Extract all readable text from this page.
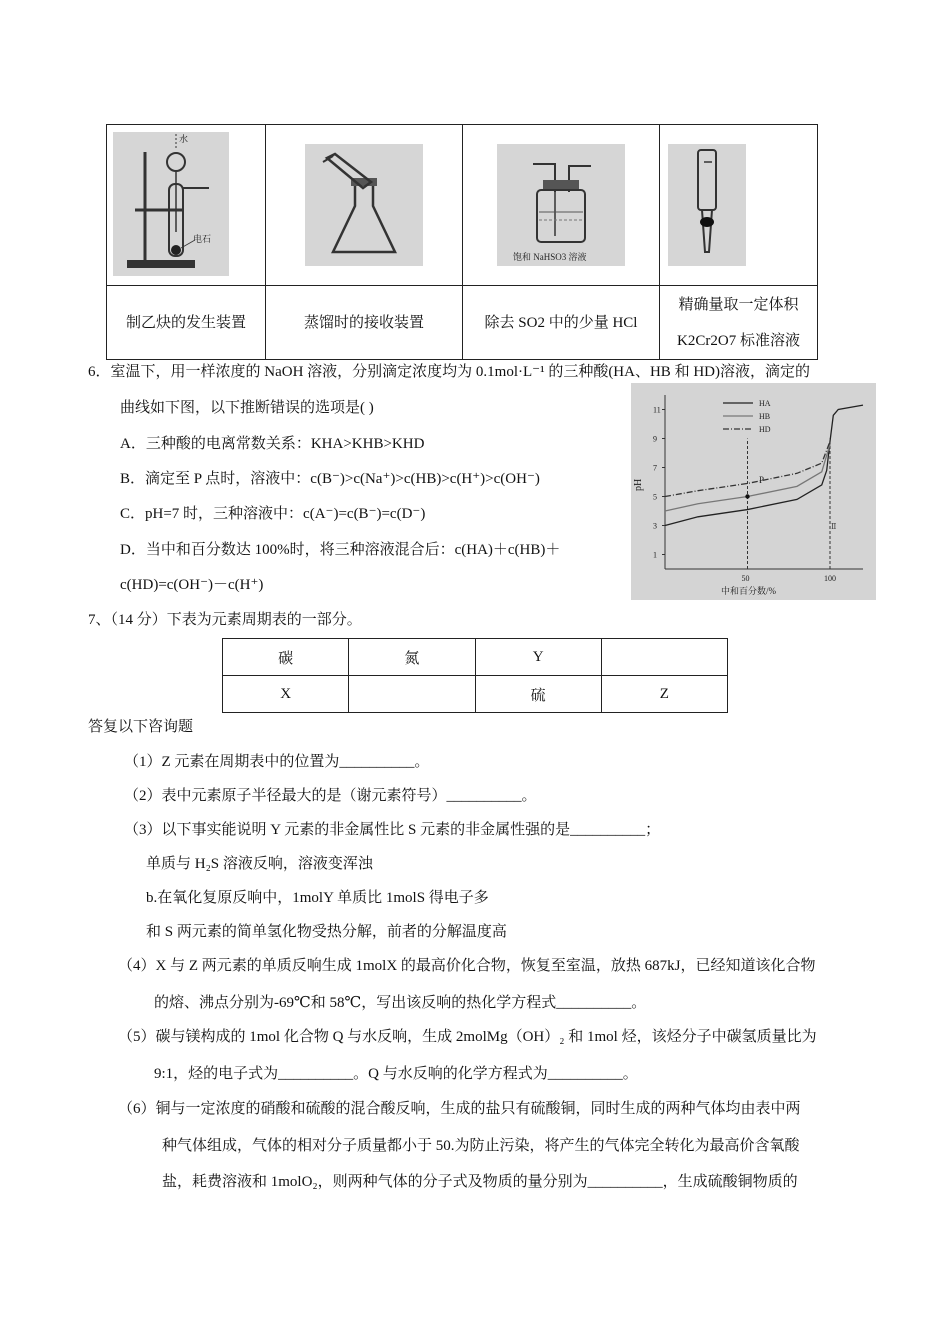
水
电石		饱和 NaHSO3 溶液

制乙炔的发生装置	蒸馏时的接收装置	除去 SO2 中的少量 HCl	精确量取一定体积
K2Cr2O7 标准溶液
6．室温下，用一样浓度的 NaOH 溶液，分别滴定浓度均为 0.1mol·L⁻¹ 的三种酸(HA、HB 和 HD)溶液，滴定的
曲线如下图，以下推断错误的选项是( )
A．三种酸的电离常数关系：KHA>KHB>KHD
B．滴定至 P 点时，溶液中：c(B⁻)>c(Na⁺)>c(HB)>c(H⁺)>c(OH⁻)
C．pH=7 时，三种溶液中：c(A⁻)=c(B⁻)=c(D⁻)
D．当中和百分数达 100%时，将三种溶液混合后：c(HA)＋c(HB)＋
c(HD)=c(OH⁻)－c(H⁺)
1
3
5
7
9
11
50	100
HA
HB
HD
pH
中和百分数/%
P
Ⅱ
7、（14 分）下表为元素周期表的一部分。
碳	氮	Y	
X		硫	Z
答复以下咨询题
（1）Z 元素在周期表中的位置为__________。
（2）表中元素原子半径最大的是（谢元素符号）__________。
（3）以下事实能说明 Y 元素的非金属性比 S 元素的非金属性强的是__________；
单质与 H₂S 溶液反响，溶液变浑浊
b.在氧化复原反响中，1molY 单质比 1molS 得电子多
和 S 两元素的简单氢化物受热分解，前者的分解温度高
（4）X 与 Z 两元素的单质反响生成 1molX 的最高价化合物，恢复至室温，放热 687kJ，已经知道该化合物
的熔、沸点分别为-69℃和 58℃，写出该反响的热化学方程式__________。
（5）碳与镁构成的 1mol 化合物 Q 与水反响，生成 2molMg（OH）₂ 和 1mol 烃，该烃分子中碳氢质量比为
9:1，烃的电子式为__________。Q 与水反响的化学方程式为__________。
（6）铜与一定浓度的硝酸和硫酸的混合酸反响，生成的盐只有硫酸铜，同时生成的两种气体均由表中两
种气体组成，气体的相对分子质量都小于 50.为防止污染，将产生的气体完全转化为最高价含氧酸
盐，耗费溶液和 1molO₂，则两种气体的分子式及物质的量分别为__________，生成硫酸铜物质的
